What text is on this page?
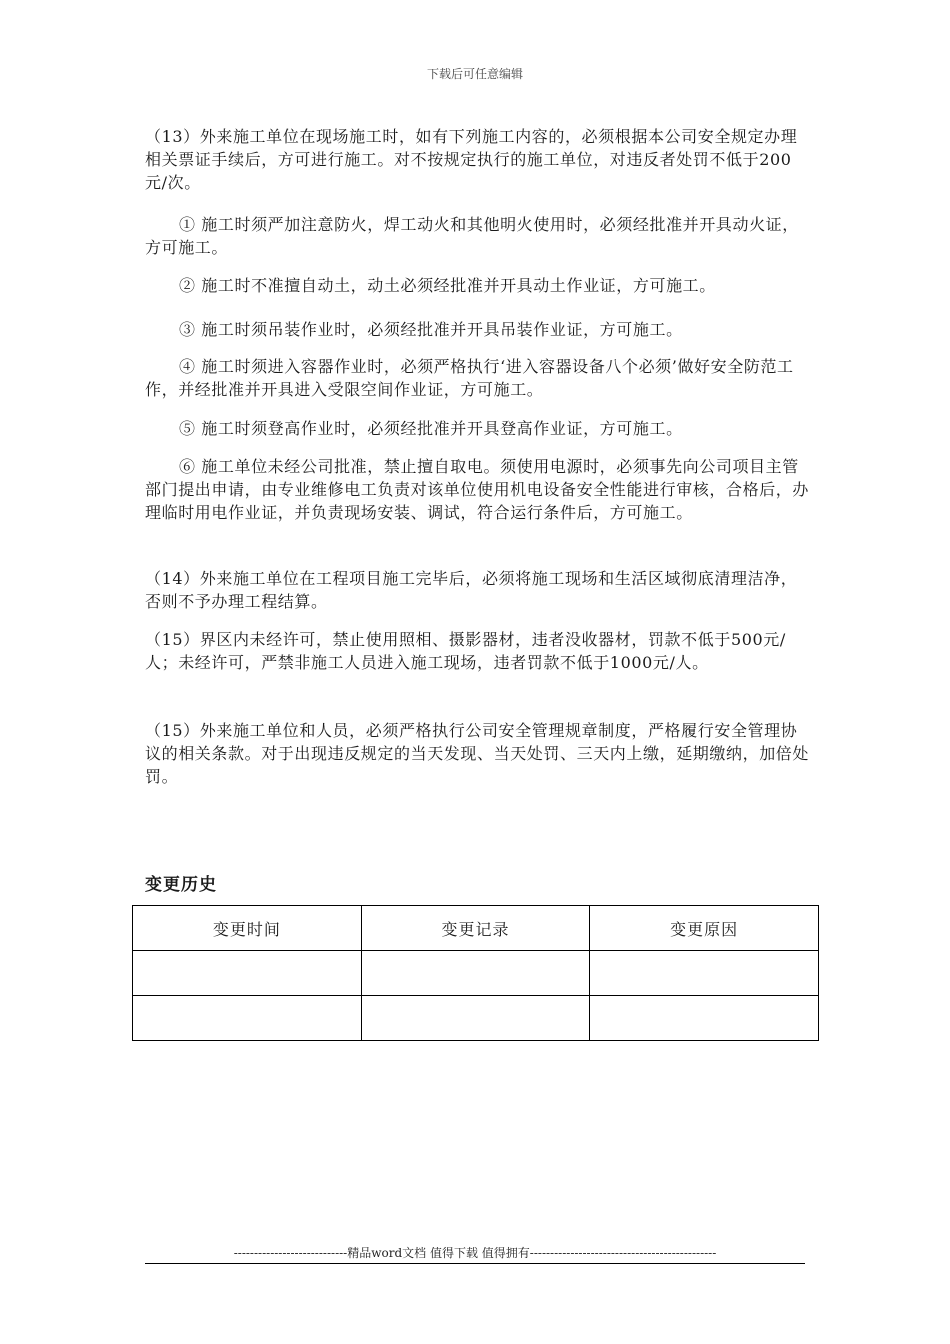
下载后可任意编辑
（13）外来施工单位在现场施工时，如有下列施工内容的，必须根据本公司安全规定办理相关票证手续后，方可进行施工。对不按规定执行的施工单位，对违反者处罚不低于200元/次。
① 施工时须严加注意防火，焊工动火和其他明火使用时，必须经批准并开具动火证，方可施工。
② 施工时不准擅自动土，动土必须经批准并开具动土作业证，方可施工。
③ 施工时须吊装作业时，必须经批准并开具吊装作业证，方可施工。
④ 施工时须进入容器作业时，必须严格执行‘进入容器设备八个必须’做好安全防范工作，并经批准并开具进入受限空间作业证，方可施工。
⑤ 施工时须登高作业时，必须经批准并开具登高作业证，方可施工。
⑥ 施工单位未经公司批准，禁止擅自取电。须使用电源时，必须事先向公司项目主管部门提出申请，由专业维修电工负责对该单位使用机电设备安全性能进行审核，合格后，办理临时用电作业证，并负责现场安装、调试，符合运行条件后，方可施工。
（14）外来施工单位在工程项目施工完毕后，必须将施工现场和生活区域彻底清理洁净，否则不予办理工程结算。
（15）界区内未经许可，禁止使用照相、摄影器材，违者没收器材，罚款不低于500元/人；未经许可，严禁非施工人员进入施工现场，违者罚款不低于1000元/人。
（15）外来施工单位和人员，必须严格执行公司安全管理规章制度，严格履行安全管理协议的相关条款。对于出现违反规定的当天发现、当天处罚、三天内上缴，延期缴纳，加倍处罚。
变更历史
变更时间	变更记录	变更原因

----------------------------精品word文档 值得下载 值得拥有----------------------------------------------
